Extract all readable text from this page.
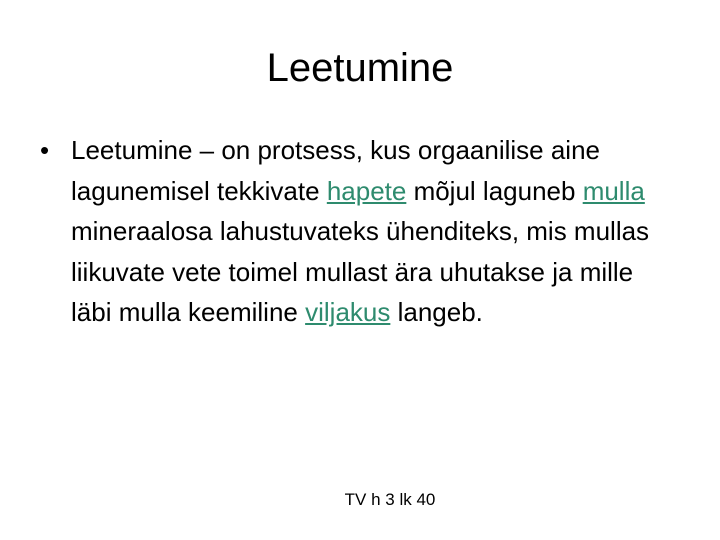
Leetumine
• Leetumine – on protsess, kus orgaanilise aine lagunemisel tekkivate hapete mõjul laguneb mulla mineraalosa lahustuvateks ühenditeks, mis mullas liikuvate vete toimel mullast ära uhutakse ja mille läbi mulla keemiline viljakus langeb.
TV h 3 lk 40
